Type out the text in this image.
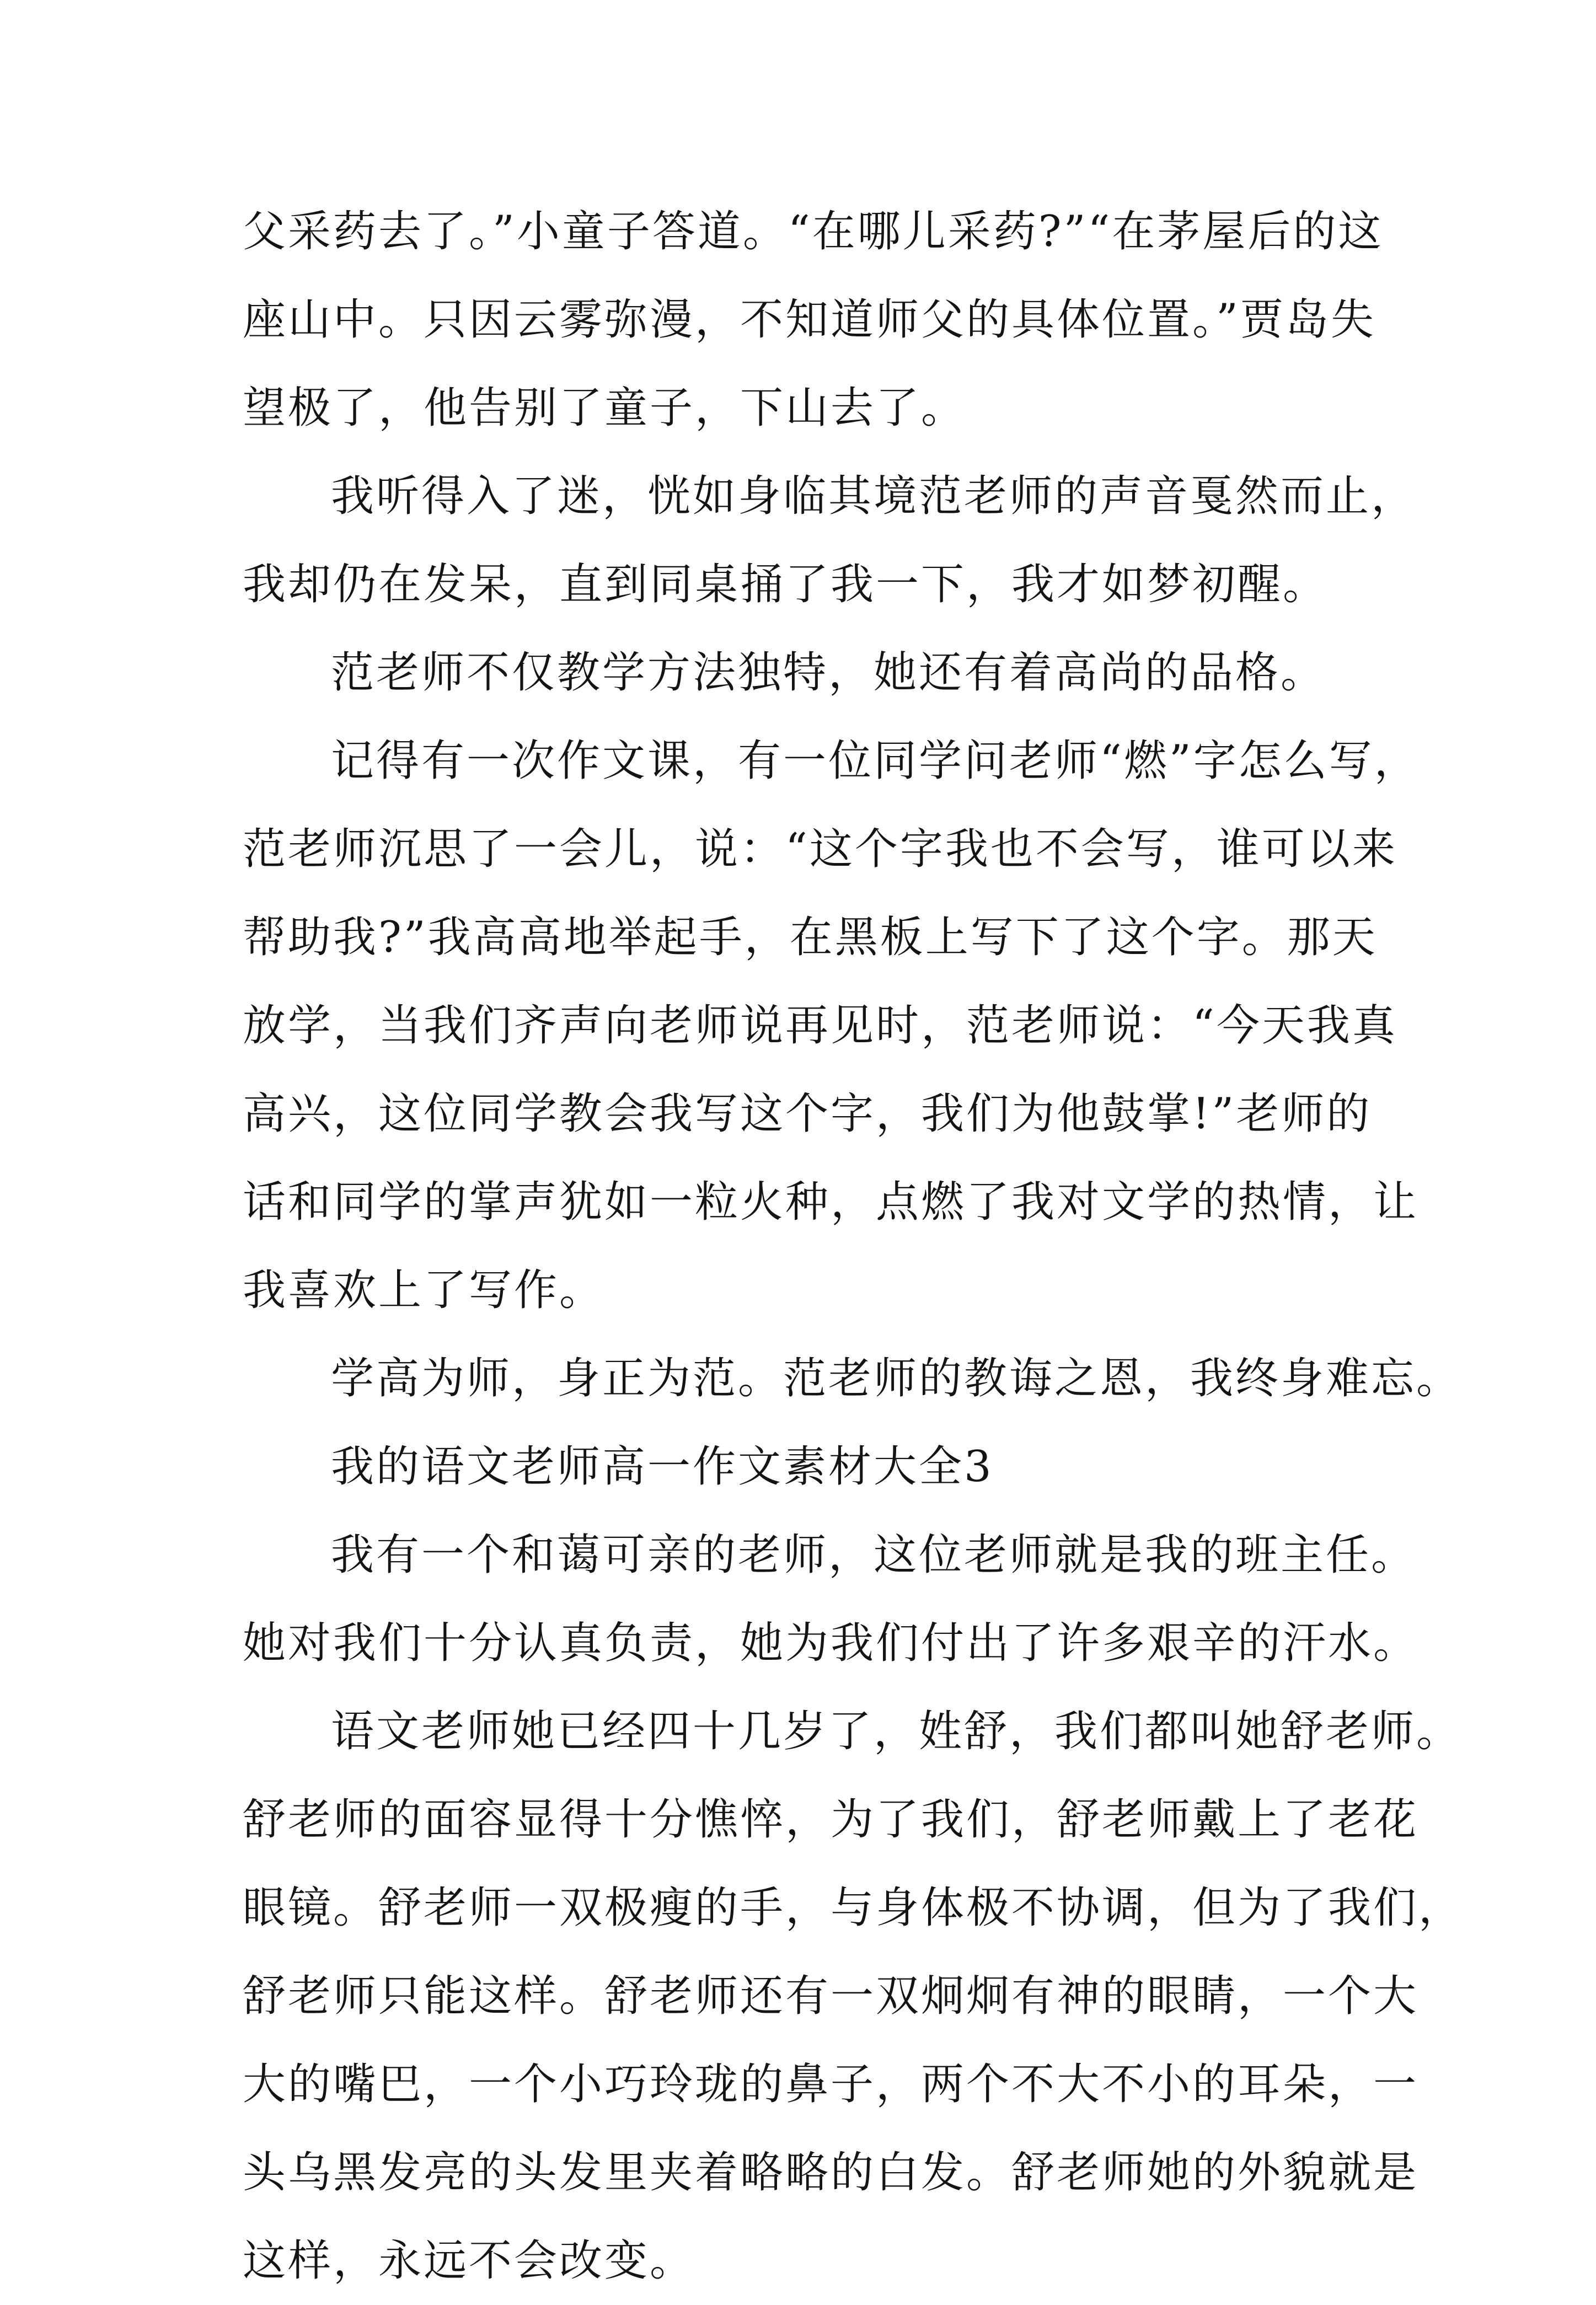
父采药去了。”小童子答道。“在哪儿采药?”“在茅屋后的这
座山中。只因云雾弥漫，不知道师父的具体位置。”贾岛失
望极了，他告别了童子，下山去了。
我听得入了迷，恍如身临其境范老师的声音戛然而止，
我却仍在发呆，直到同桌捅了我一下，我才如梦初醒。
范老师不仅教学方法独特，她还有着高尚的品格。
记得有一次作文课，有一位同学问老师“燃”字怎么写，
范老师沉思了一会儿，说：“这个字我也不会写，谁可以来
帮助我?”我高高地举起手，在黑板上写下了这个字。那天
放学，当我们齐声向老师说再见时，范老师说：“今天我真
高兴，这位同学教会我写这个字，我们为他鼓掌!”老师的
话和同学的掌声犹如一粒火种，点燃了我对文学的热情，让
我喜欢上了写作。
学高为师，身正为范。范老师的教诲之恩，我终身难忘。
我的语文老师高一作文素材大全3
我有一个和蔼可亲的老师，这位老师就是我的班主任。
她对我们十分认真负责，她为我们付出了许多艰辛的汗水。
语文老师她已经四十几岁了，姓舒，我们都叫她舒老师。
舒老师的面容显得十分憔悴，为了我们，舒老师戴上了老花
眼镜。舒老师一双极瘦的手，与身体极不协调，但为了我们，
舒老师只能这样。舒老师还有一双炯炯有神的眼睛，一个大
大的嘴巴，一个小巧玲珑的鼻子，两个不大不小的耳朵，一
头乌黑发亮的头发里夹着略略的白发。舒老师她的外貌就是
这样，永远不会改变。
